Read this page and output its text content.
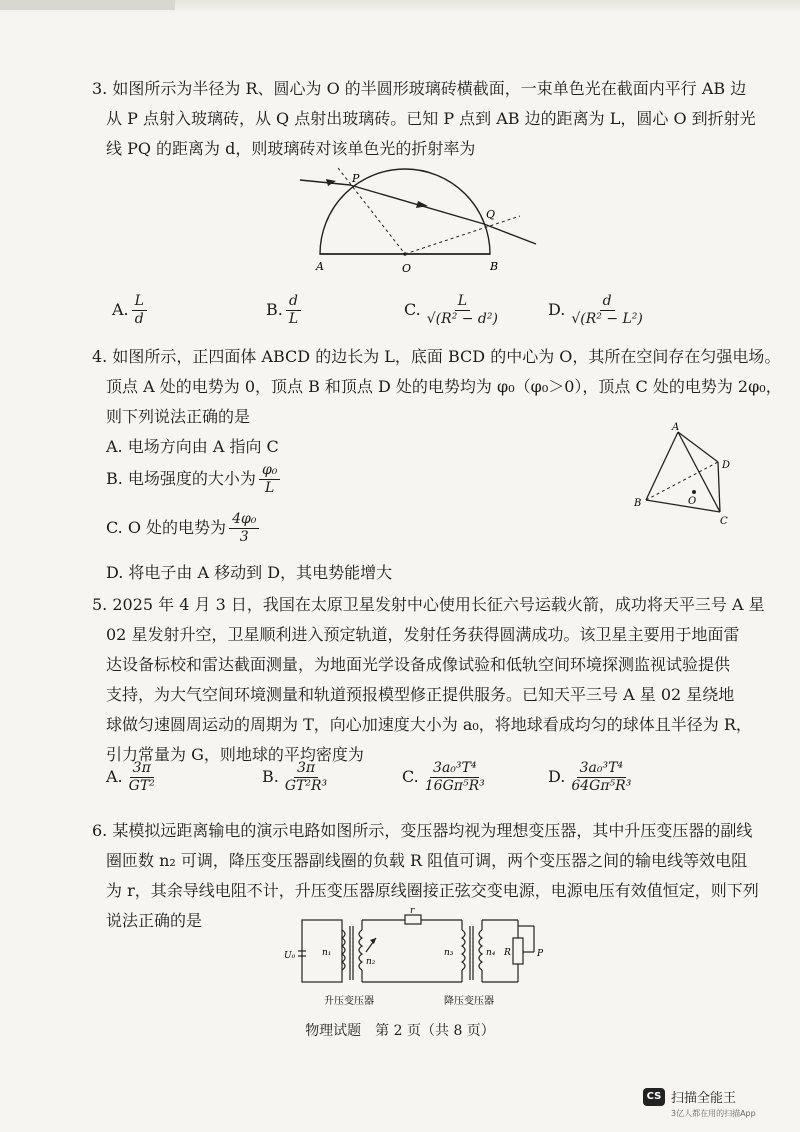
3. 如图所示为半径为 R、圆心为 O 的半圆形玻璃砖横截面，一束单色光在截面内平行 AB 边
从 P 点射入玻璃砖，从 Q 点射出玻璃砖。已知 P 点到 AB 边的距离为 L，圆心 O 到折射光
线 PQ 的距离为 d，则玻璃砖对该单色光的折射率为
A	B
O
P
Q
A. $\frac{L}{d}$	B. $\frac{d}{L}$	C. $\frac{L}{\text{√(R² − d²)}}$	D. $\frac{d}{\text{√(R² − L²)}}$
4. 如图所示，正四面体 ABCD 的边长为 L，底面 BCD 的中心为 O，其所在空间存在匀强电场。
顶点 A 处的电势为 0，顶点 B 和顶点 D 处的电势均为 φ₀（φ₀＞0），顶点 C 处的电势为 2φ₀，
则下列说法正确的是
A. 电场方向由 A 指向 C
B. 电场强度的大小为 $\frac{\text{φ₀}}{L}$
C. O 处的电势为 $\frac{\text{4φ₀}}{3}$
D. 将电子由 A 移动到 D，其电势能增大
A
B
C
D
O
5. 2025 年 4 月 3 日，我国在太原卫星发射中心使用长征六号运载火箭，成功将天平三号 A 星
02 星发射升空，卫星顺利进入预定轨道，发射任务获得圆满成功。该卫星主要用于地面雷
达设备标校和雷达截面测量，为地面光学设备成像试验和低轨空间环境探测监视试验提供
支持，为大气空间环境测量和轨道预报模型修正提供服务。已知天平三号 A 星 02 星绕地
球做匀速圆周运动的周期为 T，向心加速度大小为 a₀，将地球看成均匀的球体且半径为 R，
引力常量为 G，则地球的平均密度为
A. $\frac{3\pi}{\text{GT²}}$	B. $\frac{3\pi}{\text{GT²R³}}$	C. $\frac{\text{3a₀³T⁴}}{\text{16Gπ⁵R³}}$	D. $\frac{\text{3a₀³T⁴}}{\text{64Gπ⁵R³}}$
6. 某模拟远距离输电的演示电路如图所示，变压器均视为理想变压器，其中升压变压器的副线
圈匝数 n₂ 可调，降压变压器副线圈的负载 R 阻值可调，两个变压器之间的输电线等效电阻
为 r，其余导线电阻不计，升压变压器原线圈接正弦交变电源，电源电压有效值恒定，则下列
说法正确的是
U₀	n₁
n₂
n₃	n₄
r
R	P
升压变压器	降压变压器
物理试题　第 2 页（共 8 页）
CS 扫描全能王
3亿人都在用的扫描App
